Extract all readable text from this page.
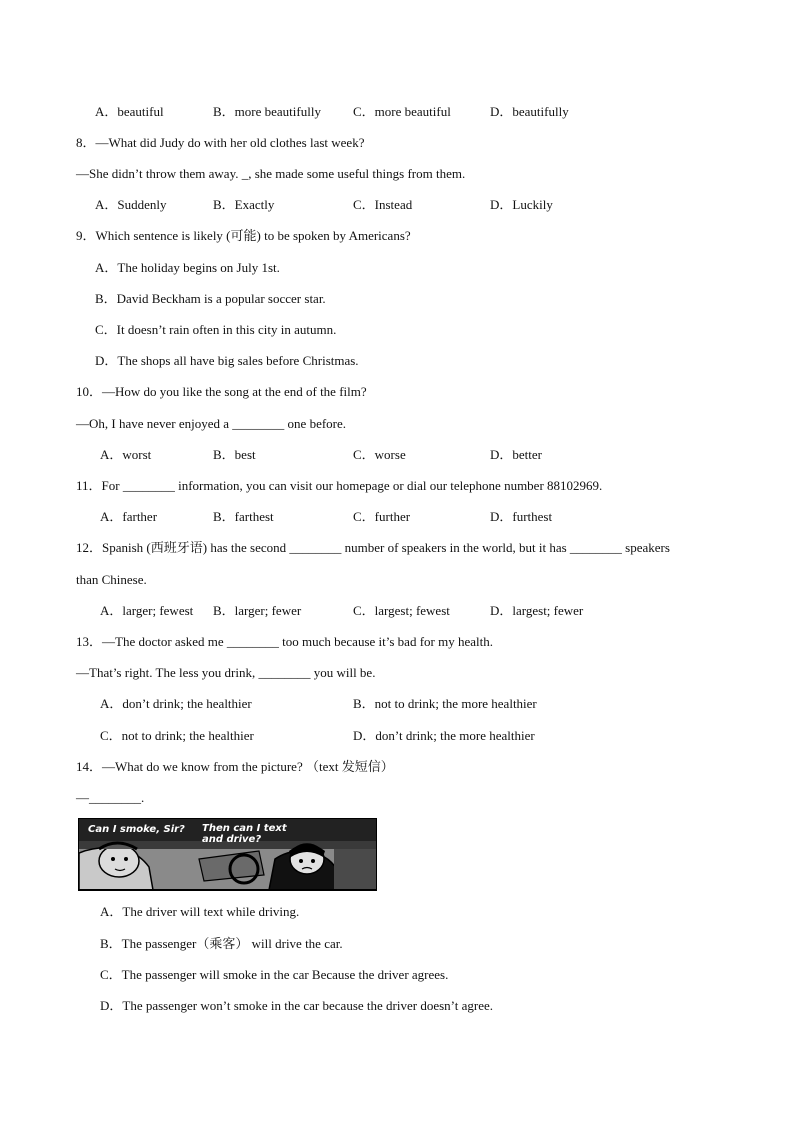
A．beautiful	B．more beautifully C．more beautiful	D．beautifully
8．—What did Judy do with her old clothes last week?
—She didn’t throw them away. _, she made some useful things from them.
A．Suddenly	B．Exactly	C．Instead	D．Luckily
9．Which sentence is likely (可能) to be spoken by Americans?
A．The holiday begins on July 1st.
B．David Beckham is a popular soccer star.
C．It doesn’t rain often in this city in autumn.
D．The shops all have big sales before Christmas.
10．—How do you like the song at the end of the film?
—Oh, I have never enjoyed a ________ one before.
A．worst	B．best	C．worse	D．better
11．For ________ information, you can visit our homepage or dial our telephone number 88102969.
A．farther	B．farthest	C．further	D．furthest
12．Spanish (西班牙语) has the second ________ number of speakers in the world, but it has ________ speakers
than Chinese.
A．larger; fewest B．larger; fewer	C．largest; fewest	D．largest; fewer
13．—The doctor asked me ________ too much because it’s bad for my health.
—That’s right. The less you drink, ________ you will be.
A．don’t drink; the healthier	B．not to drink; the more healthier
C．not to drink; the healthier	D．don’t drink; the more healthier
14．—What do we know from the picture? （text 发短信）
—________.
Can I smoke, Sir? Then can I text
and drive?
A．The driver will text while driving.
B．The passenger（乘客） will drive the car.
C．The passenger will smoke in the car Because the driver agrees.
D．The passenger won’t smoke in the car because the driver doesn’t agree.
